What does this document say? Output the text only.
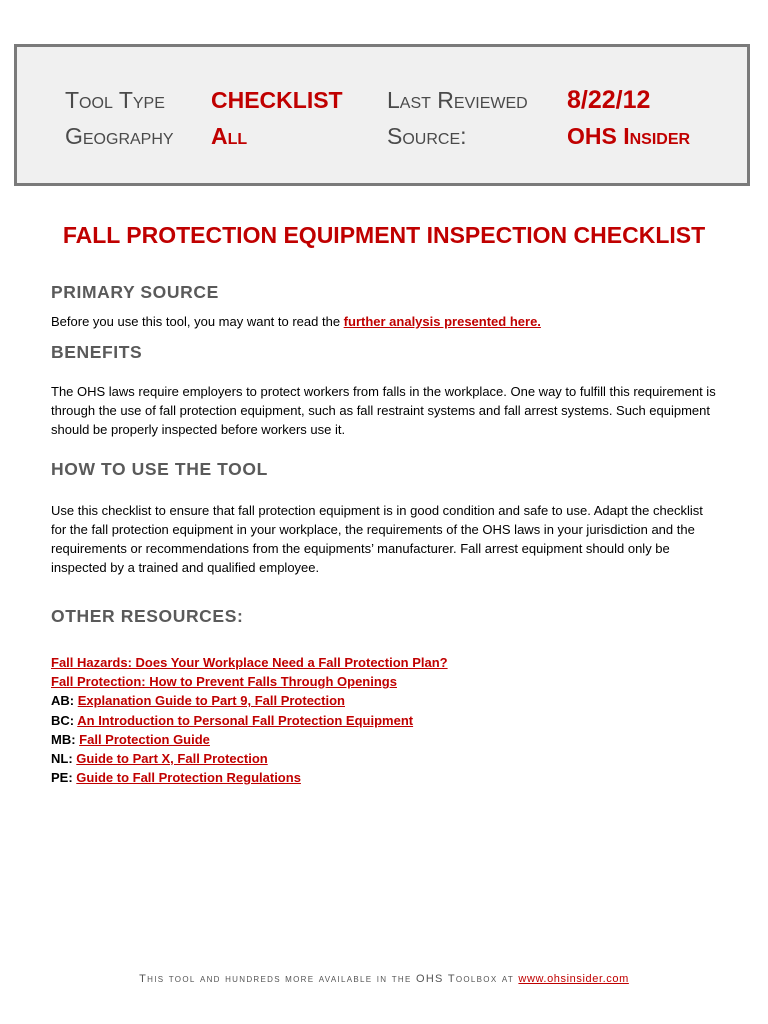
Tool Type CHECKLIST Last Reviewed 8/22/12
Geography All	Source:	OHS Insider
FALL PROTECTION EQUIPMENT INSPECTION CHECKLIST
PRIMARY SOURCE
Before you use this tool, you may want to read the further analysis presented here.
BENEFITS
The OHS laws require employers to protect workers from falls in the workplace. One way to fulfill this requirement is through the use of fall protection equipment, such as fall restraint systems and fall arrest systems. Such equipment should be properly inspected before workers use it.
HOW TO USE THE TOOL
Use this checklist to ensure that fall protection equipment is in good condition and safe to use. Adapt the checklist for the fall protection equipment in your workplace, the requirements of the OHS laws in your jurisdiction and the requirements or recommendations from the equipments’ manufacturer. Fall arrest equipment should only be inspected by a trained and qualified employee.
OTHER RESOURCES:
Fall Hazards: Does Your Workplace Need a Fall Protection Plan?
Fall Protection: How to Prevent Falls Through Openings
AB: Explanation Guide to Part 9, Fall Protection
BC: An Introduction to Personal Fall Protection Equipment
MB: Fall Protection Guide
NL: Guide to Part X, Fall Protection
PE: Guide to Fall Protection Regulations
This tool and hundreds more available in the OHS Toolbox at www.ohsinsider.com
